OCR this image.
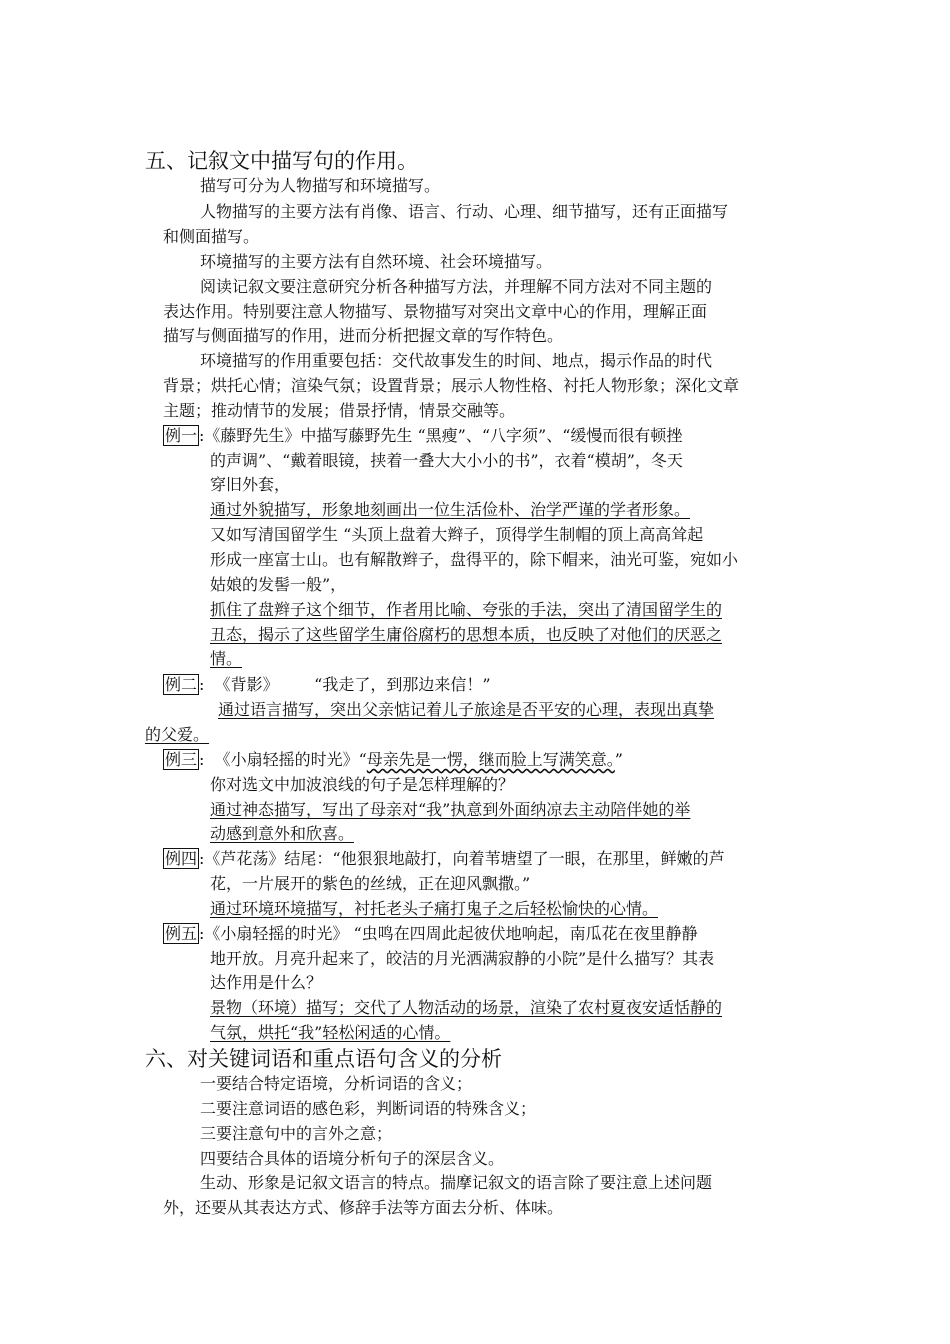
五、记叙文中描写句的作用。
描写可分为人物描写和环境描写。
人物描写的主要方法有肖像、语言、行动、心理、细节描写，还有正面描写
和侧面描写。
环境描写的主要方法有自然环境、社会环境描写。
阅读记叙文要注意研究分析各种描写方法，并理解不同方法对不同主题的
表达作用。特别要注意人物描写、景物描写对突出文章中心的作用，理解正面
描写与侧面描写的作用，进而分析把握文章的写作特色。
环境描写的作用重要包括：交代故事发生的时间、地点，揭示作品的时代
背景；烘托心情；渲染气氛；设置背景；展示人物性格、衬托人物形象；深化文章
主题；推动情节的发展；借景抒情，情景交融等。
例一 :《藤野先生》中描写藤野先生 “黑瘦”、“八字须”、“缓慢而很有顿挫
的声调”、“戴着眼镜，挟着一叠大大小小的书”，衣着“模胡”，冬天
穿旧外套，
通过外貌描写，形象地刻画出一位生活俭朴、治学严谨的学者形象。
又如写清国留学生 “头顶上盘着大辫子，顶得学生制帽的顶上高高耸起
形成一座富士山。也有解散辫子，盘得平的，除下帽来，油光可鉴，宛如小
姑娘的发髻一般”，
抓住了盘辫子这个细节，作者用比喻、夸张的手法，突出了清国留学生的
丑态，揭示了这些留学生庸俗腐朽的思想本质，也反映了对他们的厌恶之
情。
例二 :  《背影》       “我走了，到那边来信！”
通过语言描写，突出父亲惦记着儿子旅途是否平安的心理，表现出真挚
的父爱。
例三 :  《小扇轻摇的时光》“母亲先是一愣，继而脸上写满笑意。”
你对选文中加波浪线的句子是怎样理解的？
通过神态描写，写出了母亲对“我”执意到外面纳凉去主动陪伴她的举
动感到意外和欣喜。
例四 :《芦花荡》结尾：“他狠狠地敲打，向着苇塘望了一眼，在那里，鲜嫩的芦
花，一片展开的紫色的丝绒，正在迎风飘撒。”
通过环境环境描写，衬托老头子痛打鬼子之后轻松愉快的心情。
例五 :《小扇轻摇的时光》 “虫鸣在四周此起彼伏地响起，南瓜花在夜里静静
地开放。月亮升起来了，皎洁的月光洒满寂静的小院”是什么描写？其表
达作用是什么？
景物（环境）描写；交代了人物活动的场景，渲染了农村夏夜安适恬静的
气氛，烘托“我”轻松闲适的心情。
六、对关键词语和重点语句含义的分析
一要结合特定语境，分析词语的含义；
二要注意词语的感色彩，判断词语的特殊含义；
三要注意句中的言外之意；
四要结合具体的语境分析句子的深层含义。
生动、形象是记叙文语言的特点。揣摩记叙文的语言除了要注意上述问题
外，还要从其表达方式、修辞手法等方面去分析、体味。
